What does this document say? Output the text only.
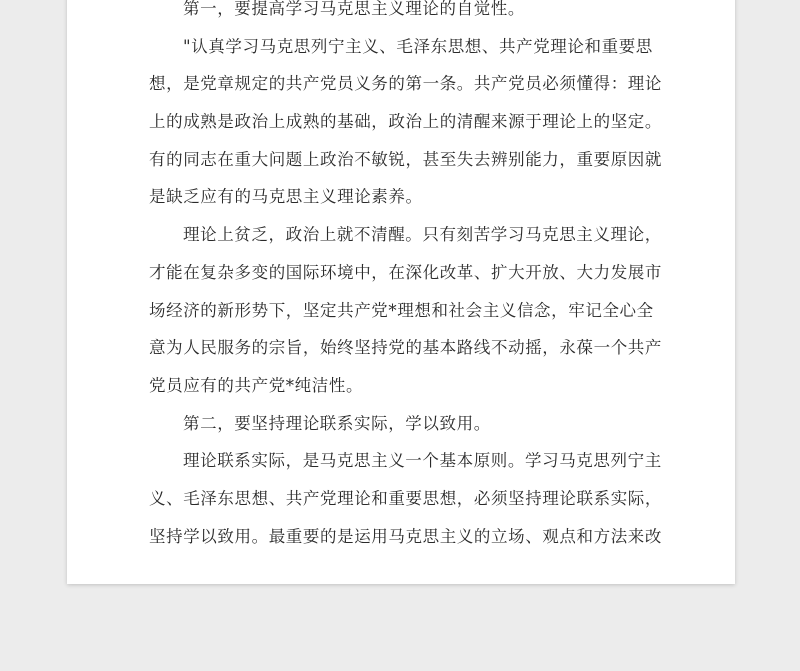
第一，要提高学习马克思主义理论的自觉性。
"认真学习马克思列宁主义、毛泽东思想、共产党理论和重要思
想，是党章规定的共产党员义务的第一条。共产党员必须懂得：理论
上的成熟是政治上成熟的基础，政治上的清醒来源于理论上的坚定。
有的同志在重大问题上政治不敏锐，甚至失去辨别能力，重要原因就
是缺乏应有的马克思主义理论素养。
理论上贫乏，政治上就不清醒。只有刻苦学习马克思主义理论，
才能在复杂多变的国际环境中，在深化改革、扩大开放、大力发展市
场经济的新形势下，坚定共产党*理想和社会主义信念，牢记全心全
意为人民服务的宗旨，始终坚持党的基本路线不动摇，永葆一个共产
党员应有的共产党*纯洁性。
第二，要坚持理论联系实际，学以致用。
理论联系实际，是马克思主义一个基本原则。学习马克思列宁主
义、毛泽东思想、共产党理论和重要思想，必须坚持理论联系实际，
坚持学以致用。最重要的是运用马克思主义的立场、观点和方法来改
